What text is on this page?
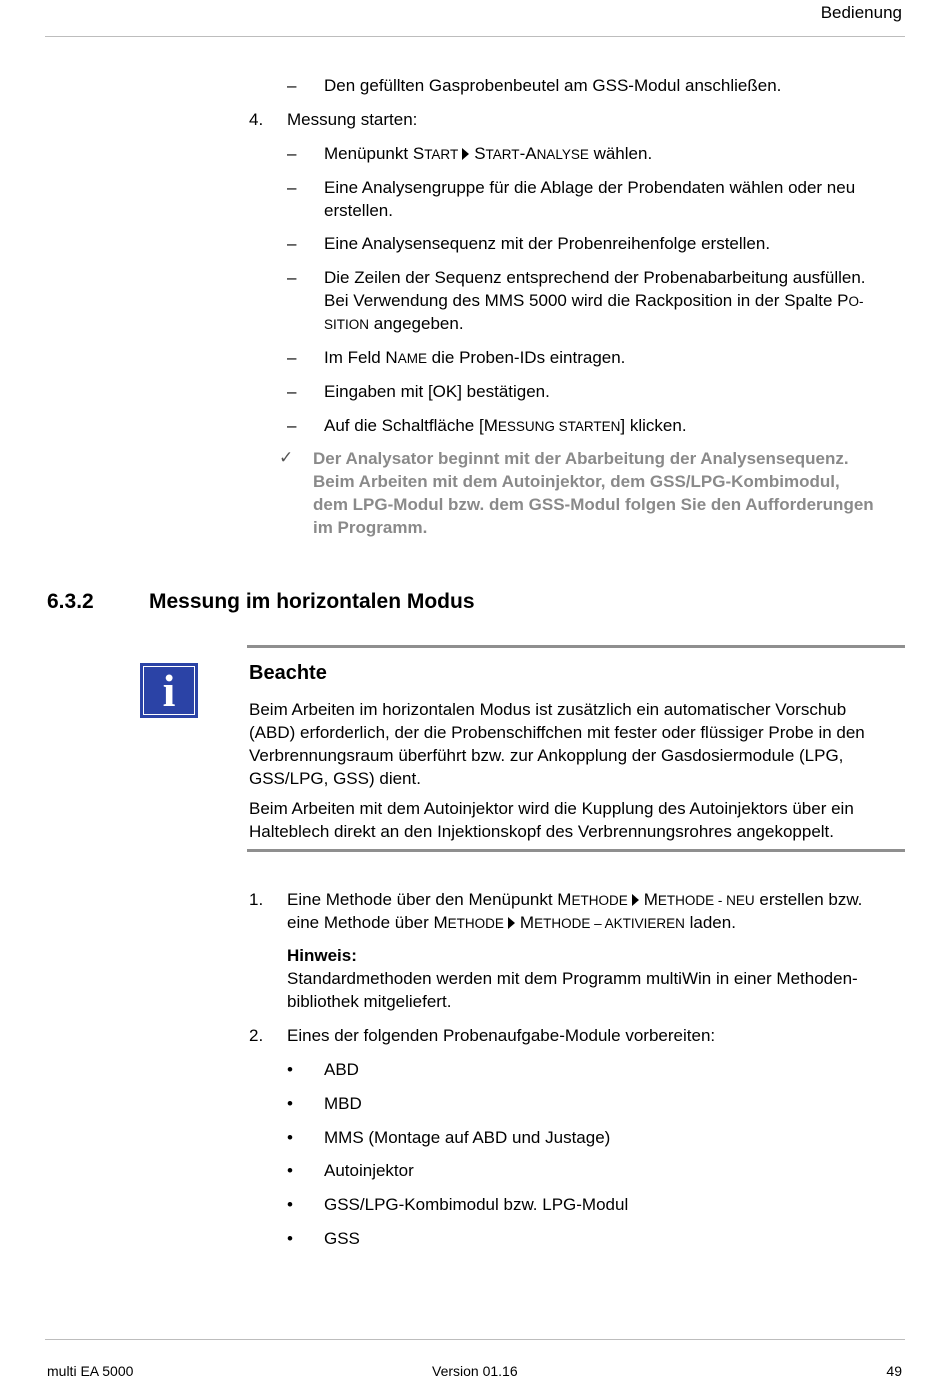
Bedienung
– Den gefüllten Gasprobenbeutel am GSS-Modul anschließen.
4. Messung starten:
– Menüpunkt START START-ANALYSE wählen.
– Eine Analysengruppe für die Ablage der Probendaten wählen oder neu
erstellen.
– Eine Analysensequenz mit der Probenreihenfolge erstellen.
– Die Zeilen der Sequenz entsprechend der Probenabarbeitung ausfüllen.
Bei Verwendung des MMS 5000 wird die Rackposition in der Spalte PO-
SITION angegeben.
– Im Feld NAME die Proben-IDs eintragen.
– Eingaben mit [OK] bestätigen.
– Auf die Schaltfläche [MESSUNG STARTEN] klicken.
✓ Der Analysator beginnt mit der Abarbeitung der Analysensequenz.
Beim Arbeiten mit dem Autoinjektor, dem GSS/LPG-Kombimodul,
dem LPG-Modul bzw. dem GSS-Modul folgen Sie den Aufforderungen
im Programm.
6.3.2	Messung im horizontalen Modus
i	Beachte
Beim Arbeiten im horizontalen Modus ist zusätzlich ein automatischer Vorschub
(ABD) erforderlich, der die Probenschiffchen mit fester oder flüssiger Probe in den
Verbrennungsraum überführt bzw. zur Ankopplung der Gasdosiermodule (LPG,
GSS/LPG, GSS) dient.
Beim Arbeiten mit dem Autoinjektor wird die Kupplung des Autoinjektors über ein
Halteblech direkt an den Injektionskopf des Verbrennungsrohres angekoppelt.
1. Eine Methode über den Menüpunkt METHODE METHODE - NEU erstellen bzw.
eine Methode über METHODE METHODE – AKTIVIEREN laden.
Hinweis:
Standardmethoden werden mit dem Programm multiWin in einer Methoden-
bibliothek mitgeliefert.
2. Eines der folgenden Probenaufgabe-Module vorbereiten:
• ABD
• MBD
• MMS (Montage auf ABD und Justage)
• Autoinjektor
• GSS/LPG-Kombimodul bzw. LPG-Modul
• GSS
multi EA 5000	Version 01.16	49
